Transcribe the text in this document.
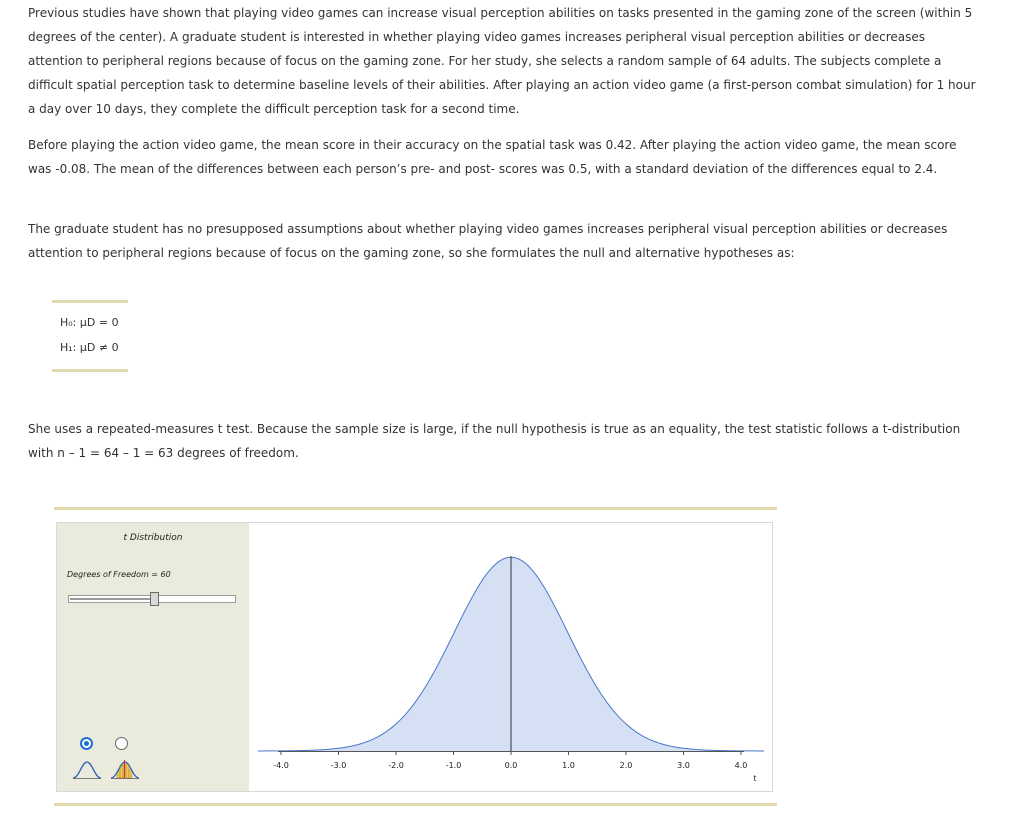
Previous studies have shown that playing video games can increase visual perception abilities on tasks presented in the gaming zone of the screen (within 5 degrees of the center). A graduate student is interested in whether playing video games increases peripheral visual perception abilities or decreases attention to peripheral regions because of focus on the gaming zone. For her study, she selects a random sample of 64 adults. The subjects complete a difficult spatial perception task to determine baseline levels of their abilities. After playing an action video game (a first-person combat simulation) for 1 hour a day over 10 days, they complete the difficult perception task for a second time.

Before playing the action video game, the mean score in their accuracy on the spatial task was 0.42. After playing the action video game, the mean score was -0.08. The mean of the differences between each person’s pre- and post- scores was 0.5, with a standard deviation of the differences equal to 2.4.

The graduate student has no presupposed assumptions about whether playing video games increases peripheral visual perception abilities or decreases attention to peripheral regions because of focus on the gaming zone, so she formulates the null and alternative hypotheses as:

H₀: μD = 0
H₁: μD ≠ 0

She uses a repeated-measures t test. Because the sample size is large, if the null hypothesis is true as an equality, the test statistic follows a t-distribution with n – 1 = 64 – 1 = 63 degrees of freedom.

t Distribution
Degrees of Freedom = 60
-4.0	-3.0	-2.0	-1.0	0.0	1.0	2.0	3.0	4.0
t
